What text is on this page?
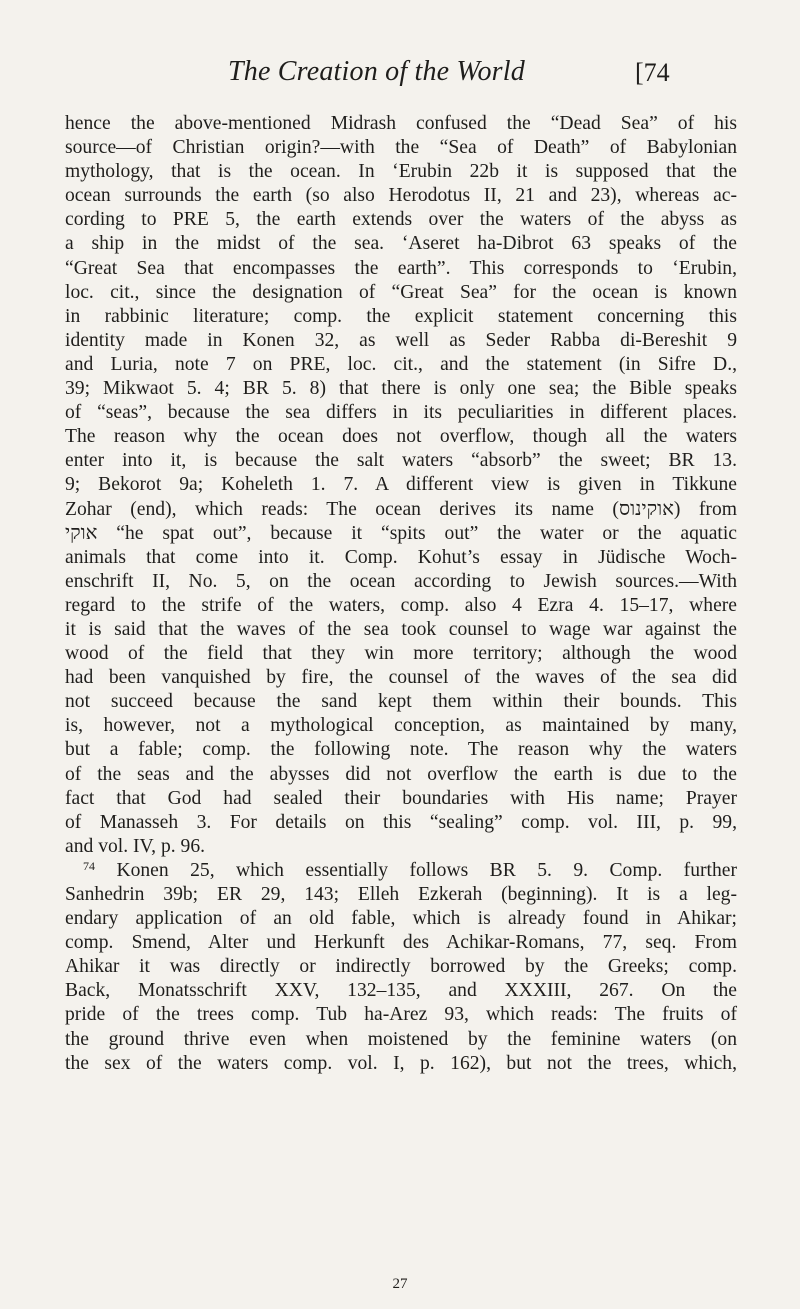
The Creation of the World	[74
hence the above-mentioned Midrash confused the “Dead Sea” of his
source—of Christian origin?—with the “Sea of Death” of Babylonian
mythology, that is the ocean. In ‘Erubin 22b it is supposed that the
ocean surrounds the earth (so also Herodotus II, 21 and 23), whereas ac-
cording to PRE 5, the earth extends over the waters of the abyss as
a ship in the midst of the sea. ‘Aseret ha-Dibrot 63 speaks of the
“Great Sea that encompasses the earth”. This corresponds to ‘Erubin,
loc. cit., since the designation of “Great Sea” for the ocean is known
in rabbinic literature; comp. the explicit statement concerning this
identity made in Konen 32, as well as Seder Rabba di-Bereshit 9
and Luria, note 7 on PRE, loc. cit., and the statement (in Sifre D.,
39; Mikwaot 5. 4; BR 5. 8) that there is only one sea; the Bible speaks
of “seas”, because the sea differs in its peculiarities in different places.
The reason why the ocean does not overflow, though all the waters
enter into it, is because the salt waters “absorb” the sweet; BR 13.
9; Bekorot 9a; Koheleth 1. 7. A different view is given in Tikkune
Zohar (end), which reads: The ocean derives its name (אוקינוס) from
אוקי “he spat out”, because it “spits out” the water or the aquatic
animals that come into it. Comp. Kohut’s essay in Jüdische Woch-
enschrift II, No. 5, on the ocean according to Jewish sources.—With
regard to the strife of the waters, comp. also 4 Ezra 4. 15–17, where
it is said that the waves of the sea took counsel to wage war against the
wood of the field that they win more territory; although the wood
had been vanquished by fire, the counsel of the waves of the sea did
not succeed because the sand kept them within their bounds. This
is, however, not a mythological conception, as maintained by many,
but a fable; comp. the following note. The reason why the waters
of the seas and the abysses did not overflow the earth is due to the
fact that God had sealed their boundaries with His name; Prayer
of Manasseh 3. For details on this “sealing” comp. vol. III, p. 99,
and vol. IV, p. 96.
$^{74}$ Konen 25, which essentially follows BR 5. 9. Comp. further
Sanhedrin 39b; ER 29, 143; Elleh Ezkerah (beginning). It is a leg-
endary application of an old fable, which is already found in Ahikar;
comp. Smend, Alter und Herkunft des Achikar-Romans, 77, seq. From
Ahikar it was directly or indirectly borrowed by the Greeks; comp.
Back, Monatsschrift XXV, 132–135, and XXXIII, 267. On the
pride of the trees comp. Tub ha-Arez 93, which reads: The fruits of
the ground thrive even when moistened by the feminine waters (on
the sex of the waters comp. vol. I, p. 162), but not the trees, which,
27
